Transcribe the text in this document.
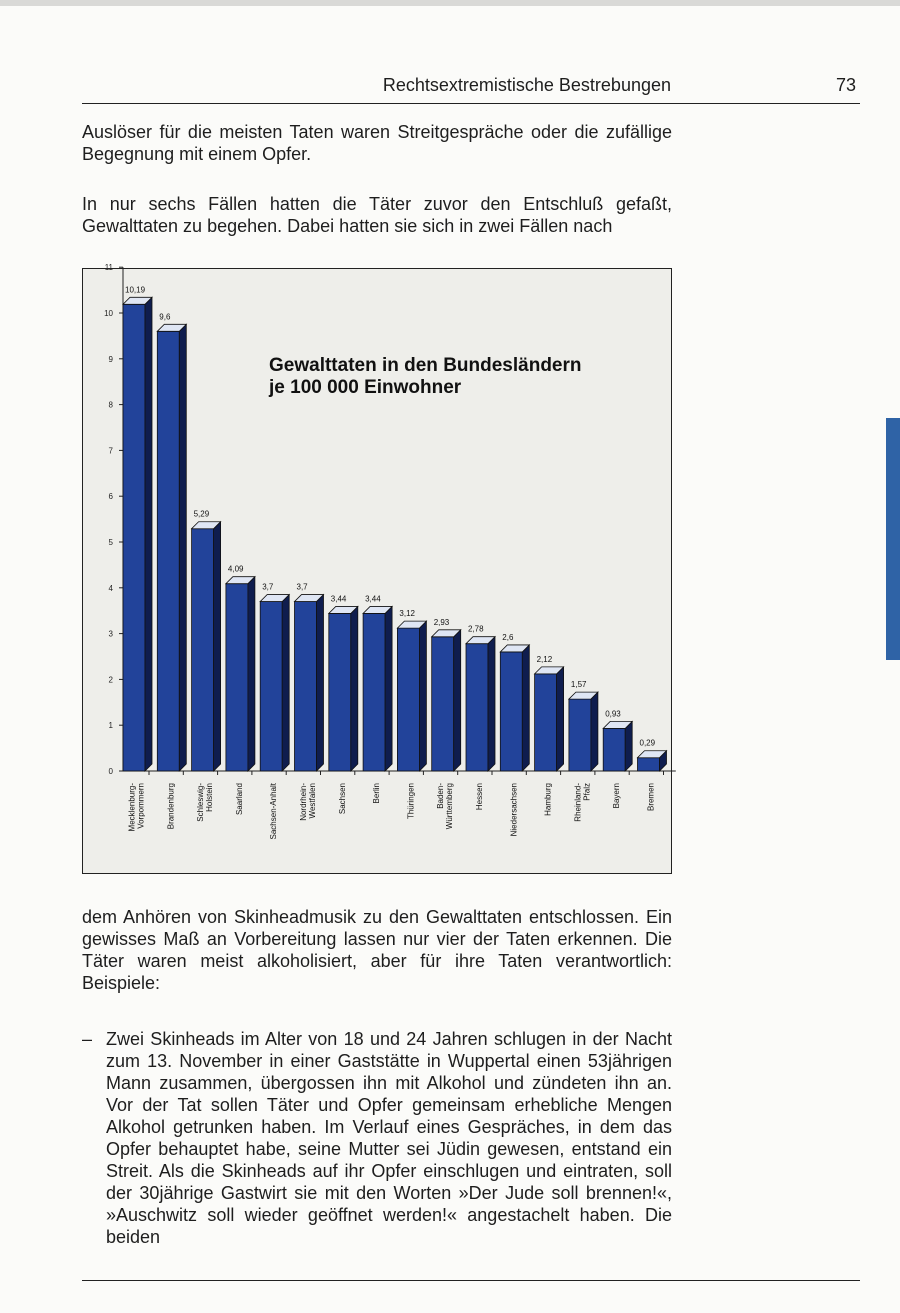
Rechtsextremistische Bestrebungen	73
Auslöser für die meisten Taten waren Streitgespräche oder die zufällige Begegnung mit einem Opfer.
In nur sechs Fällen hatten die Täter zuvor den Entschluß gefaßt, Gewalttaten zu begehen. Dabei hatten sie sich in zwei Fällen nach
0
1
2
3
4
5
6
7
8
9
10
11
10,19
Mecklenburg- Vorpommern
9,6
Brandenburg
5,29
Schleswig- Holstein
4,09
Saarland
3,7
Sachsen-Anhalt
3,7
Nordrhein- Westfalen
3,44
Sachsen
3,44
Berlin
3,12
Thüringen
2,93
Baden- Württemberg
2,78
Hessen
2,6
Niedersachsen
2,12
Hamburg
1,57
Rheinland- Pfalz
0,93
Bayern
0,29
Bremen
Gewalttaten in den Bundesländern
je 100 000 Einwohner
dem Anhören von Skinheadmusik zu den Gewalttaten entschlossen. Ein gewisses Maß an Vorbereitung lassen nur vier der Taten erkennen. Die Täter waren meist alkoholisiert, aber für ihre Taten verantwortlich: Beispiele:
– Zwei Skinheads im Alter von 18 und 24 Jahren schlugen in der Nacht zum 13. November in einer Gaststätte in Wuppertal einen 53jährigen Mann zusammen, übergossen ihn mit Alkohol und zündeten ihn an. Vor der Tat sollen Täter und Opfer gemeinsam erhebliche Mengen Alkohol getrunken haben. Im Verlauf eines Gespräches, in dem das Opfer behauptet habe, seine Mutter sei Jüdin gewesen, entstand ein Streit. Als die Skinheads auf ihr Opfer einschlugen und eintraten, soll der 30jährige Gastwirt sie mit den Worten »Der Jude soll brennen!«, »Auschwitz soll wieder geöffnet werden!« angestachelt haben. Die beiden
